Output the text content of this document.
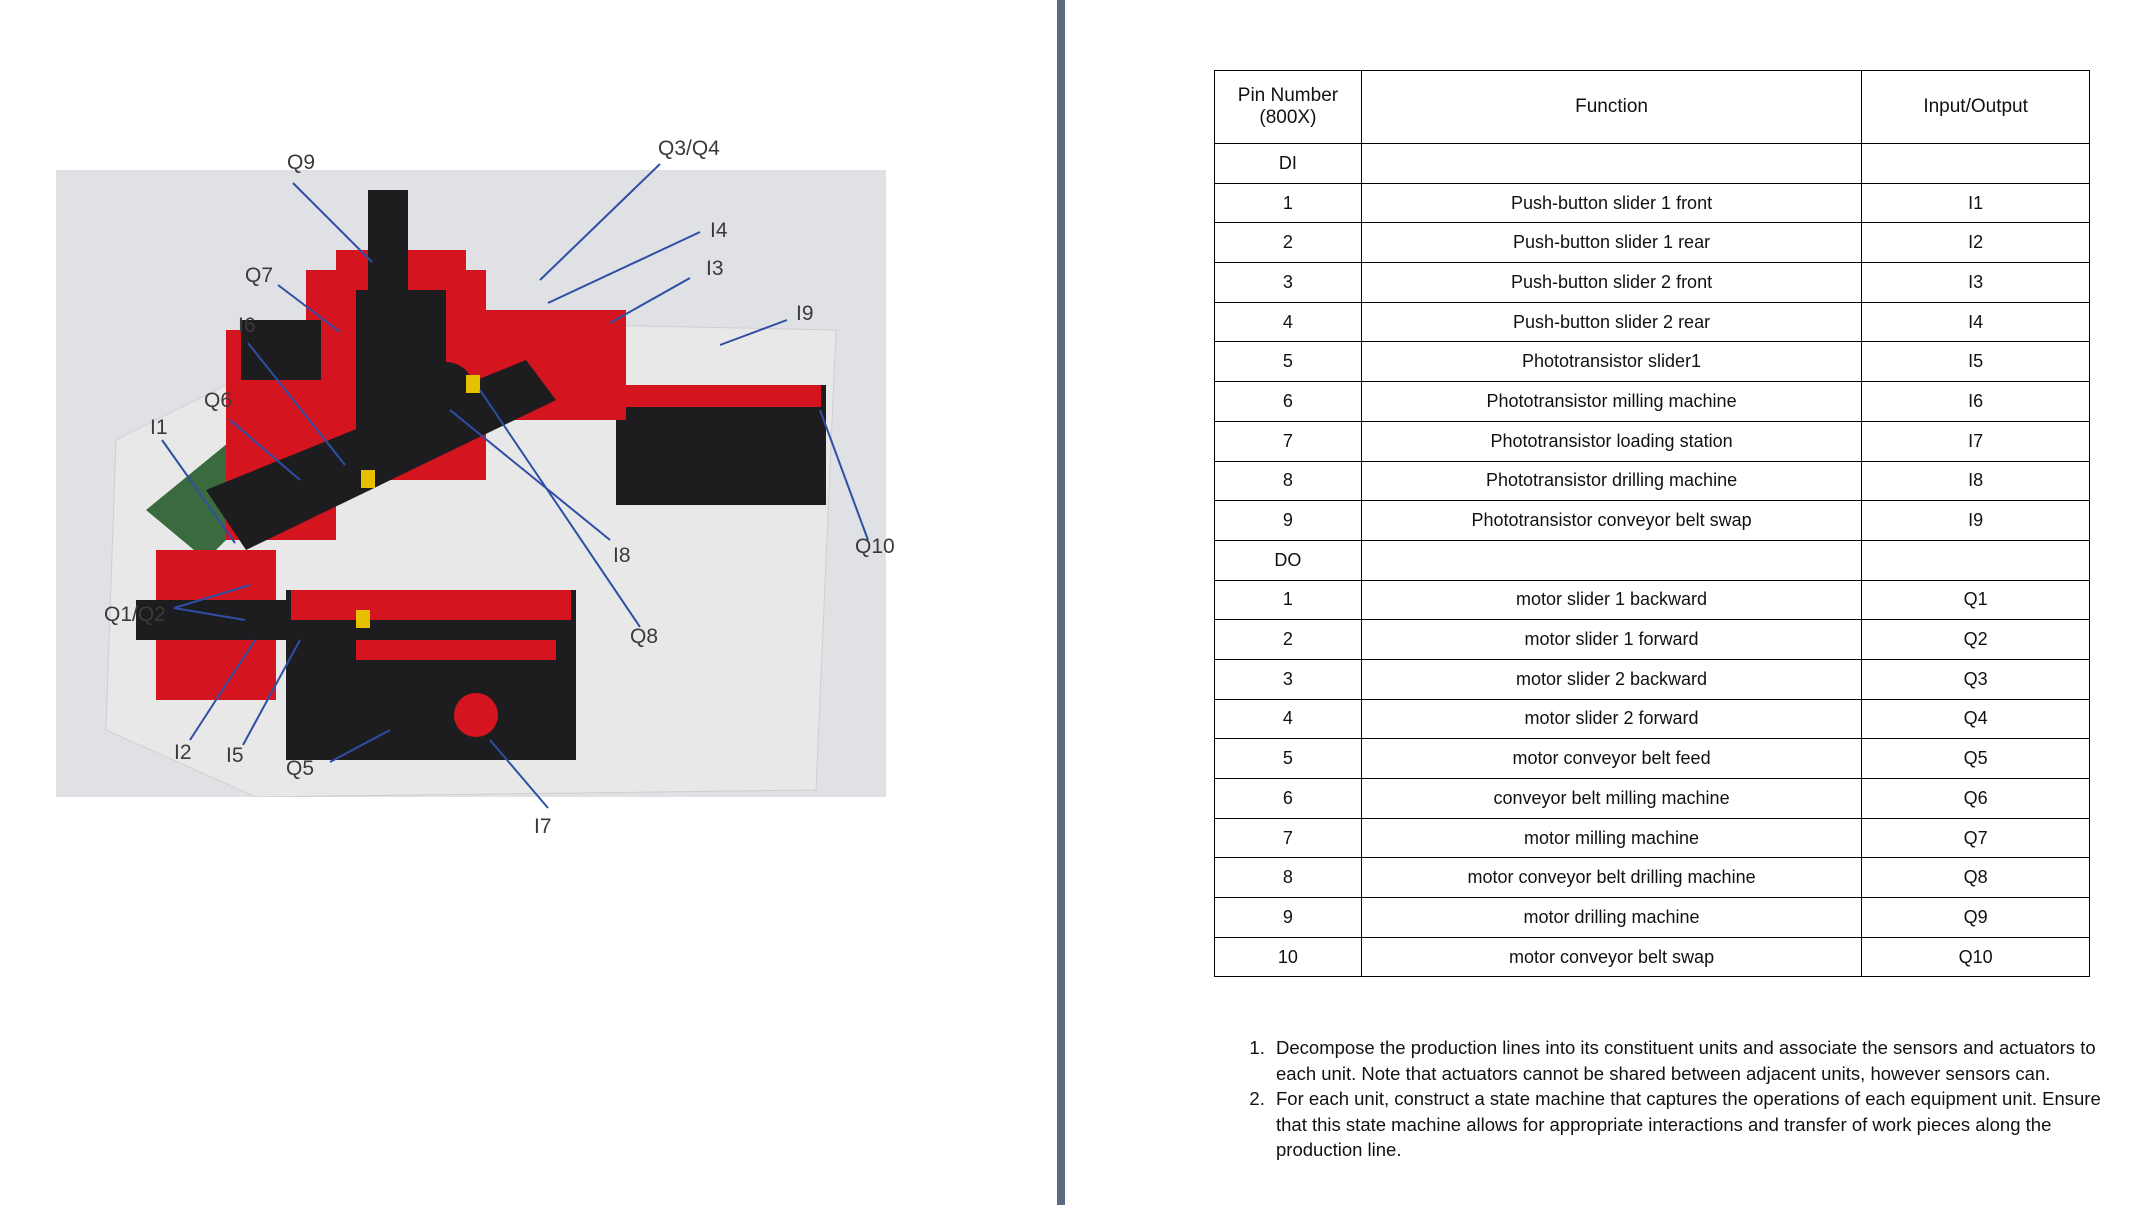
Q9
Q3/Q4
I4
I3
I9
Q7
I6
Q6
I1
I8	Q10
Q1/Q2
Q8
I2 I5
Q5
I7
Pin Number (800X)	Function	Input/Output
DI		
1	Push-button slider 1 front	I1
2	Push-button slider 1 rear	I2
3	Push-button slider 2 front	I3
4	Push-button slider 2 rear	I4
5	Phototransistor slider1	I5
6	Phototransistor milling machine	I6
7	Phototransistor loading station	I7
8	Phototransistor drilling machine	I8
9	Phototransistor conveyor belt swap	I9
DO		
1	motor slider 1 backward	Q1
2	motor slider 1 forward	Q2
3	motor slider 2 backward	Q3
4	motor slider 2 forward	Q4
5	motor conveyor belt feed	Q5
6	conveyor belt milling machine	Q6
7	motor milling machine	Q7
8	motor conveyor belt drilling machine	Q8
9	motor drilling machine	Q9
10	motor conveyor belt swap	Q10
1. Decompose the production lines into its constituent units and associate the sensors and actuators to each unit. Note that actuators cannot be shared between adjacent units, however sensors can.
2. For each unit, construct a state machine that captures the operations of each equipment unit. Ensure that this state machine allows for appropriate interactions and transfer of work pieces along the production line.
